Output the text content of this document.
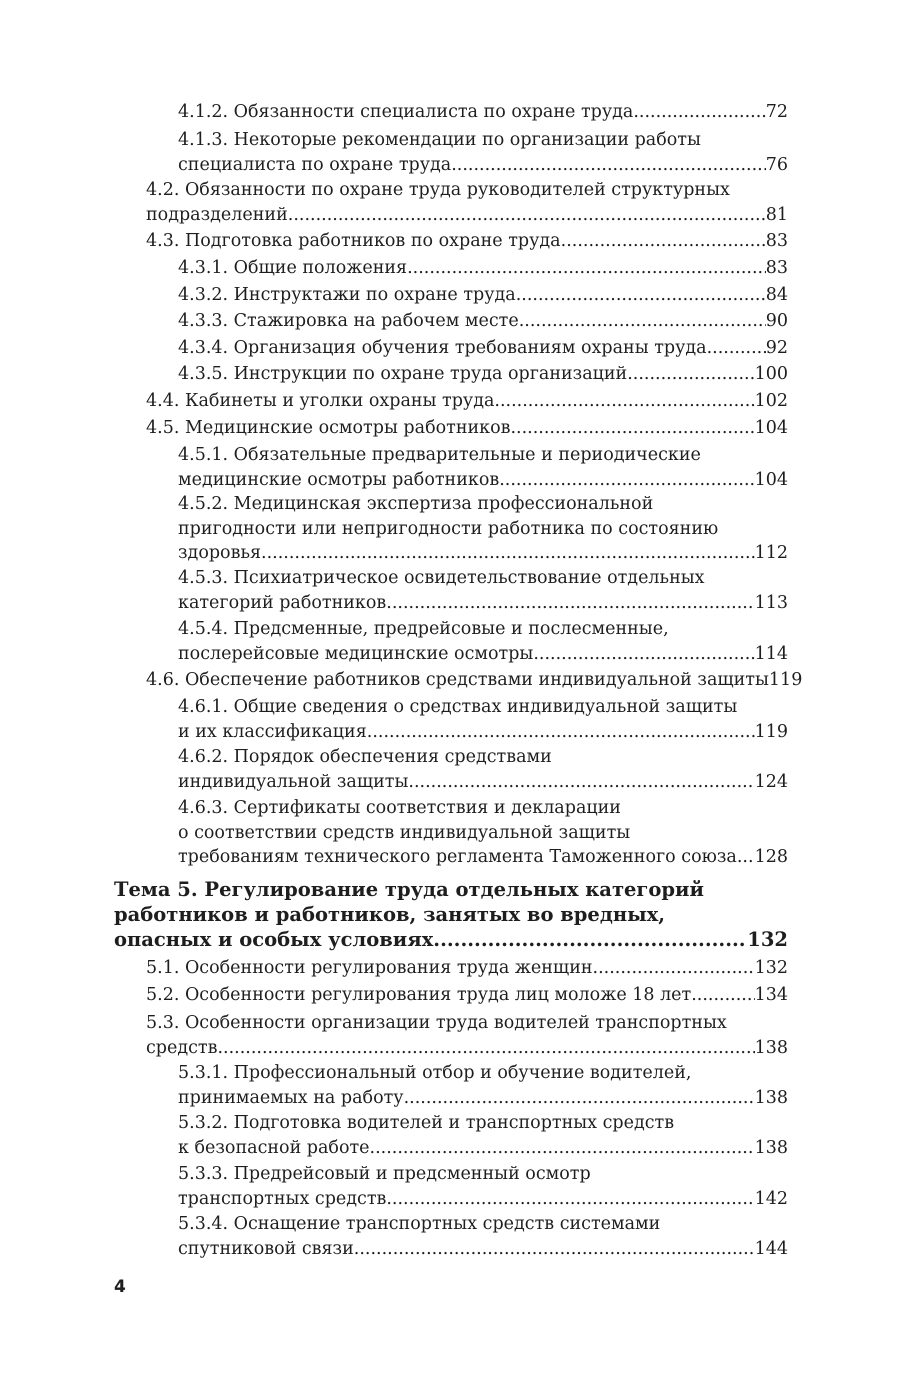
4.1.2. Обязанности специалиста по охране труда .....	72
4.1.3. Некоторые рекомендации по организации работы
специалиста по охране труда .....	76
4.2. Обязанности по охране труда руководителей структурных
подразделений .....	81
4.3. Подготовка работников по охране труда .....	83
4.3.1. Общие положения .....	83
4.3.2. Инструктажи по охране труда .....	84
4.3.3. Стажировка на рабочем месте .....	90
4.3.4. Организация обучения требованиям охраны труда .....	92
4.3.5. Инструкции по охране труда организаций .....	100
4.4. Кабинеты и уголки охраны труда .....	102
4.5. Медицинские осмотры работников .....	104
4.5.1. Обязательные предварительные и периодические
медицинские осмотры работников .....	104
4.5.2. Медицинская экспертиза профессиональной
пригодности или непригодности работника по состоянию
здоровья .....	112
4.5.3. Психиатрическое освидетельствование отдельных
категорий работников .....	113
4.5.4. Предсменные, предрейсовые и послесменные,
послерейсовые медицинские осмотры .....	114
4.6. Обеспечение работников средствами индивидуальной защиты 119
4.6.1. Общие сведения о средствах индивидуальной защиты
и их классификация .....	119
4.6.2. Порядок обеспечения средствами
индивидуальной защиты .....	124
4.6.3. Сертификаты соответствия и декларации
о соответствии средств индивидуальной защиты
требованиям технического регламента Таможенного союза ..... 128
Тема 5. Регулирование труда отдельных категорий
работников и работников, занятых во вредных,
опасных и особых условиях .....	132
5.1. Особенности регулирования труда женщин .....	132
5.2. Особенности регулирования труда лиц моложе 18 лет .....	134
5.3. Особенности организации труда водителей транспортных
средств .....	138
5.3.1. Профессиональный отбор и обучение водителей,
принимаемых на работу .....	138
5.3.2. Подготовка водителей и транспортных средств
к безопасной работе .....	138
5.3.3. Предрейсовый и предсменный осмотр
транспортных средств .....	142
5.3.4. Оснащение транспортных средств системами
спутниковой связи .....	144
4
